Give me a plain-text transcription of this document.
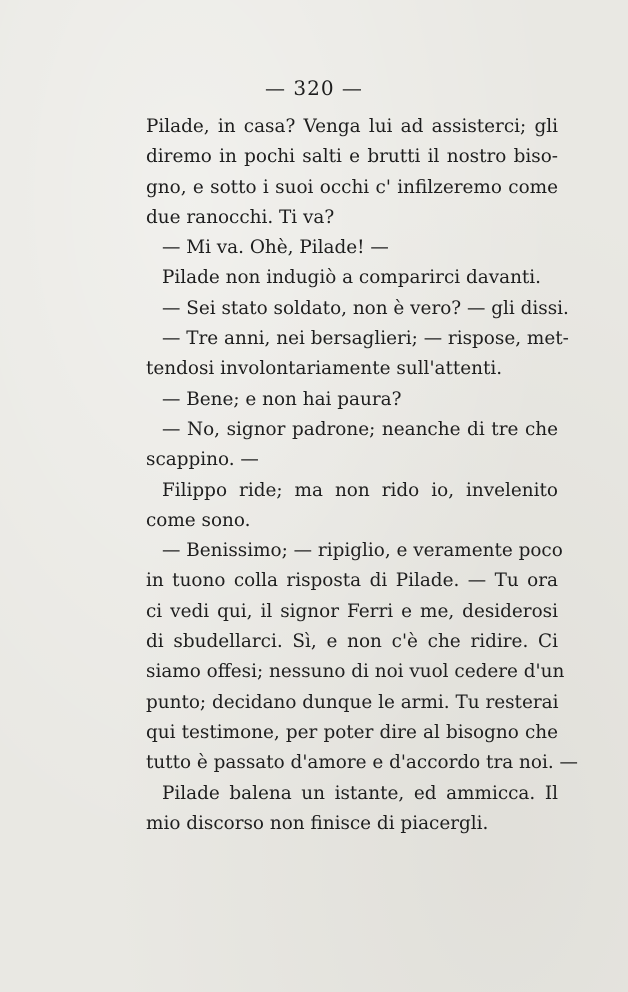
— 320 —
Pilade, in casa? Venga lui ad assisterci; gli
diremo in pochi salti e brutti il nostro biso-
gno, e sotto i suoi occhi c' infilzeremo come
due ranocchi. Ti va?
— Mi va. Ohè, Pilade! —
Pilade non indugiò a comparirci davanti.
— Sei stato soldato, non è vero? — gli dissi.
— Tre anni, nei bersaglieri; — rispose, met-
tendosi involontariamente sull'attenti.
— Bene; e non hai paura?
— No, signor padrone; neanche di tre che
scappino. —
Filippo ride; ma non rido io, invelenito
come sono.
— Benissimo; — ripiglio, e veramente poco
in tuono colla risposta di Pilade. — Tu ora
ci vedi qui, il signor Ferri e me, desiderosi
di sbudellarci. Sì, e non c'è che ridire. Ci
siamo offesi; nessuno di noi vuol cedere d'un
punto; decidano dunque le armi. Tu resterai
qui testimone, per poter dire al bisogno che
tutto è passato d'amore e d'accordo tra noi. —
Pilade balena un istante, ed ammicca. Il
mio discorso non finisce di piacergli.
